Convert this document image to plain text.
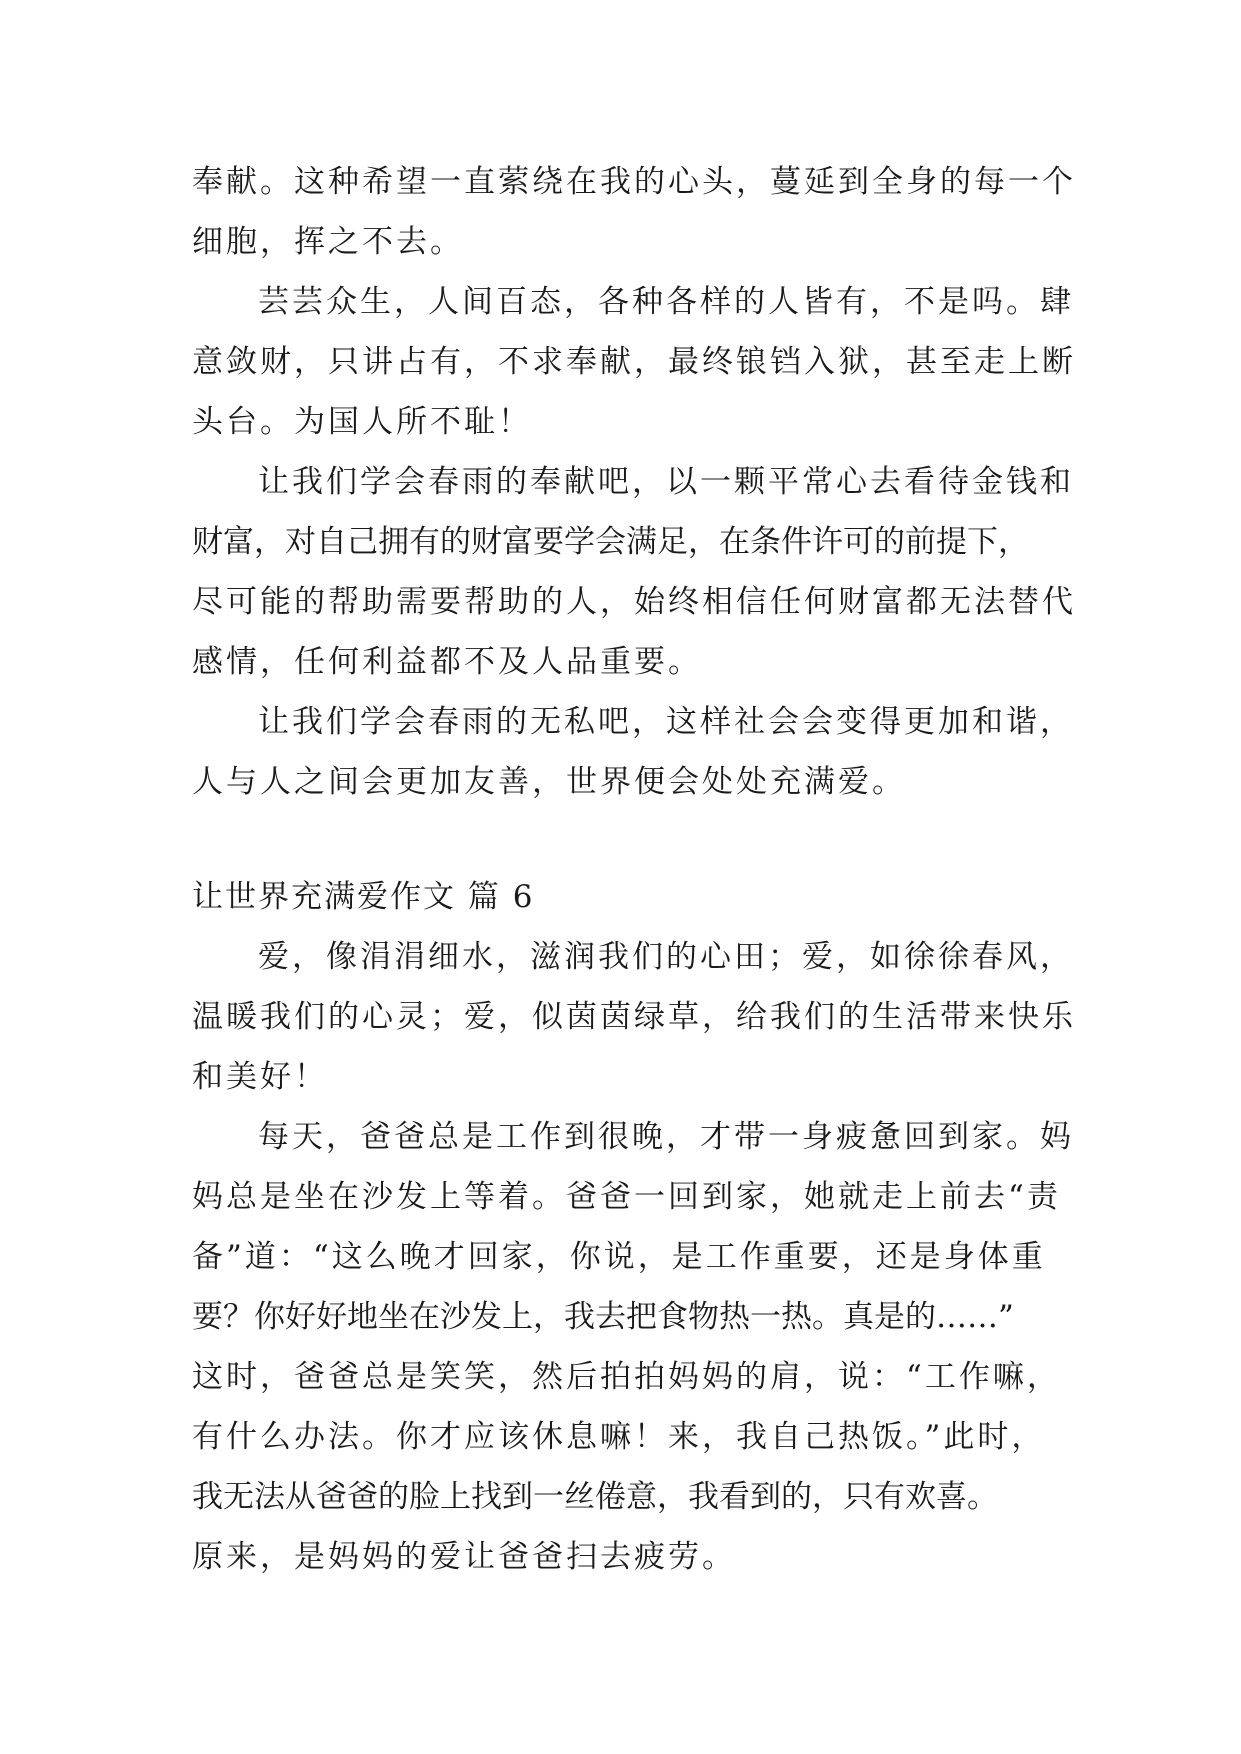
奉献。这种希望一直萦绕在我的心头，蔓延到全身的每一个
细胞，挥之不去。
芸芸众生，人间百态，各种各样的人皆有，不是吗。肆
意敛财，只讲占有，不求奉献，最终锒铛入狱，甚至走上断
头台。为国人所不耻！
让我们学会春雨的奉献吧，以一颗平常心去看待金钱和
财富，对自己拥有的财富要学会满足，在条件许可的前提下，
尽可能的帮助需要帮助的人，始终相信任何财富都无法替代
感情，任何利益都不及人品重要。
让我们学会春雨的无私吧，这样社会会变得更加和谐，
人与人之间会更加友善，世界便会处处充满爱。
让世界充满爱作文 篇 6
爱，像涓涓细水，滋润我们的心田；爱，如徐徐春风，
温暖我们的心灵；爱，似茵茵绿草，给我们的生活带来快乐
和美好！
每天，爸爸总是工作到很晚，才带一身疲惫回到家。妈
妈总是坐在沙发上等着。爸爸一回到家，她就走上前去“责
备”道：“这么晚才回家，你说，是工作重要，还是身体重
要？你好好地坐在沙发上，我去把食物热一热。真是的……”
这时，爸爸总是笑笑，然后拍拍妈妈的肩，说：“工作嘛，
有什么办法。你才应该休息嘛！来，我自己热饭。”此时，
我无法从爸爸的脸上找到一丝倦意，我看到的，只有欢喜。
原来，是妈妈的爱让爸爸扫去疲劳。
